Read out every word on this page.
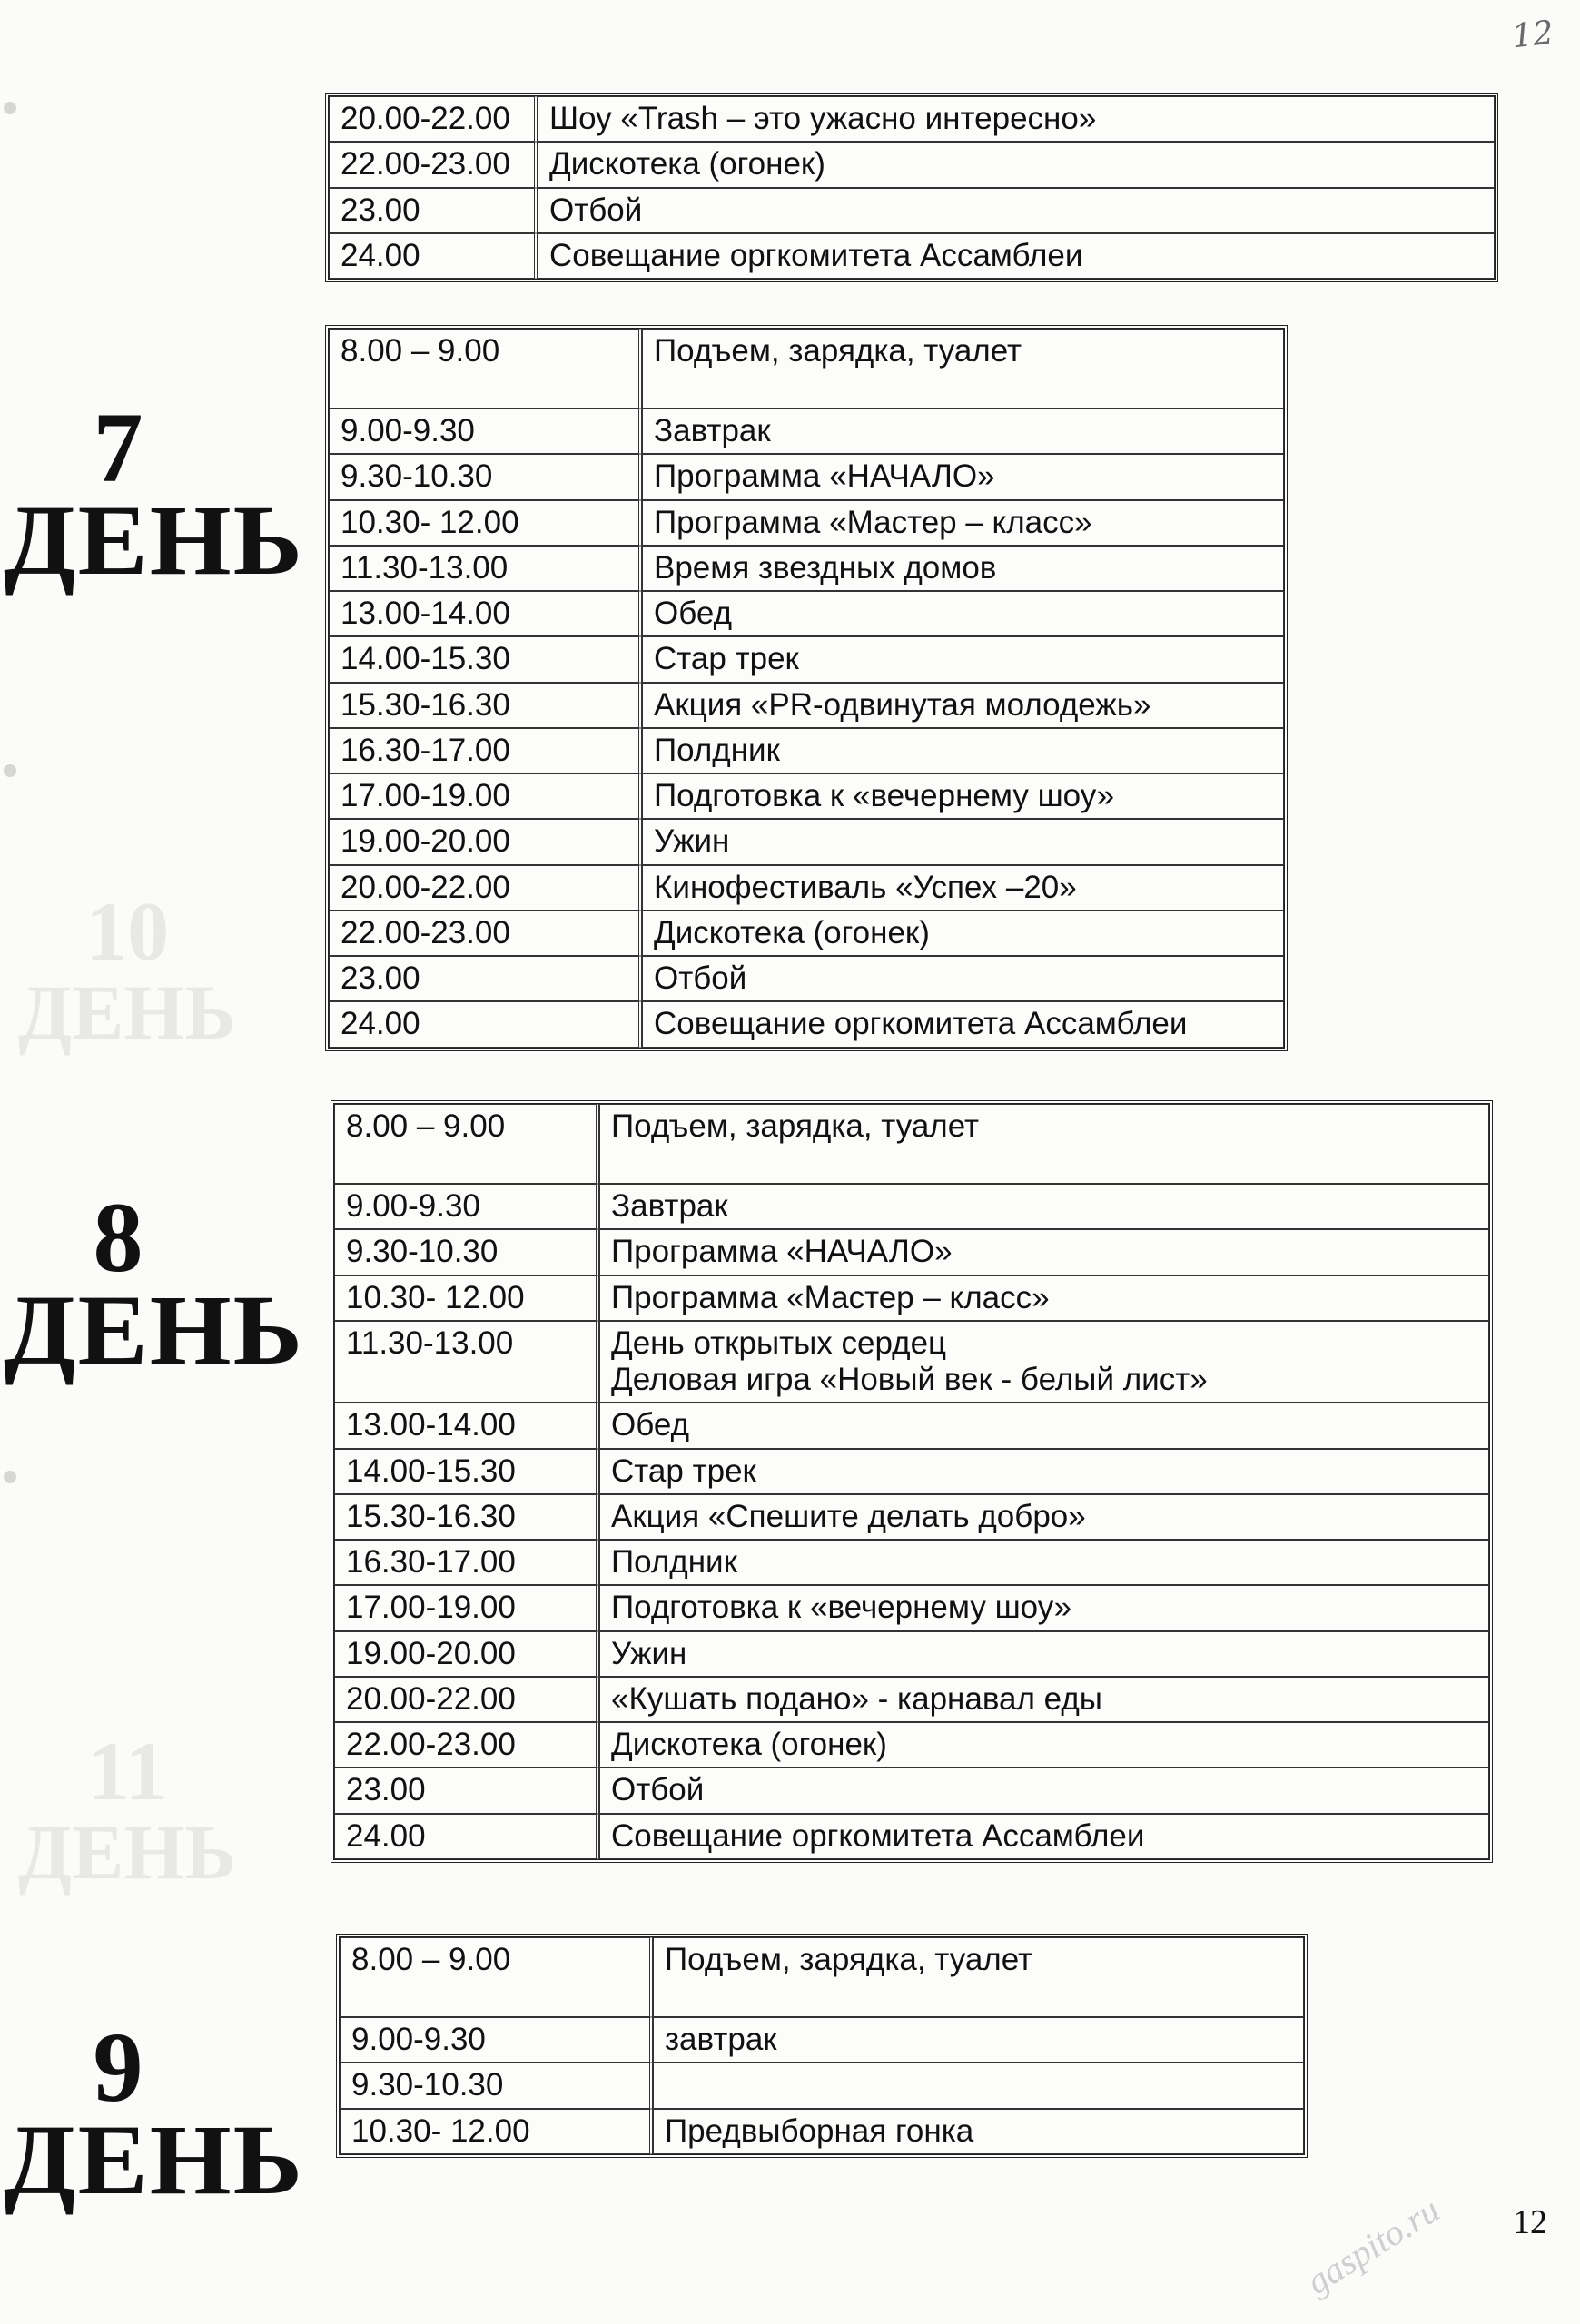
12
10
ДЕНЬ
11
ДЕНЬ
7
ДЕНЬ
8
ДЕНЬ
9
ДЕНЬ
20.00-22.00	Шоу «Trash – это ужасно интересно»
22.00-23.00	Дискотека (огонек)
23.00	Отбой
24.00	Совещание оргкомитета Ассамблеи
8.00 – 9.00	Подъем, зарядка, туалет
9.00-9.30	Завтрак
9.30-10.30	Программа «НАЧАЛО»
10.30- 12.00	Программа «Мастер – класс»
11.30-13.00	Время звездных домов
13.00-14.00	Обед
14.00-15.30	Стар трек
15.30-16.30	Акция «PR-одвинутая молодежь»
16.30-17.00	Полдник
17.00-19.00	Подготовка к «вечернему шоу»
19.00-20.00	Ужин
20.00-22.00	Кинофестиваль «Успех –20»
22.00-23.00	Дискотека (огонек)
23.00	Отбой
24.00	Совещание оргкомитета Ассамблеи
8.00 – 9.00	Подъем, зарядка, туалет
9.00-9.30	Завтрак
9.30-10.30	Программа «НАЧАЛО»
10.30- 12.00	Программа «Мастер – класс»
11.30-13.00	День открытых сердец
Деловая игра «Новый век - белый лист»

13.00-14.00	Обед
14.00-15.30	Стар трек
15.30-16.30	Акция «Спешите делать добро»
16.30-17.00	Полдник
17.00-19.00	Подготовка к «вечернему шоу»
19.00-20.00	Ужин
20.00-22.00	«Кушать подано» - карнавал еды
22.00-23.00	Дискотека (огонек)
23.00	Отбой
24.00	Совещание оргкомитета Ассамблеи
8.00 – 9.00	Подъем, зарядка, туалет
9.00-9.30	завтрак
9.30-10.30	
10.30- 12.00	Предвыборная гонка
12
gaspito.ru
